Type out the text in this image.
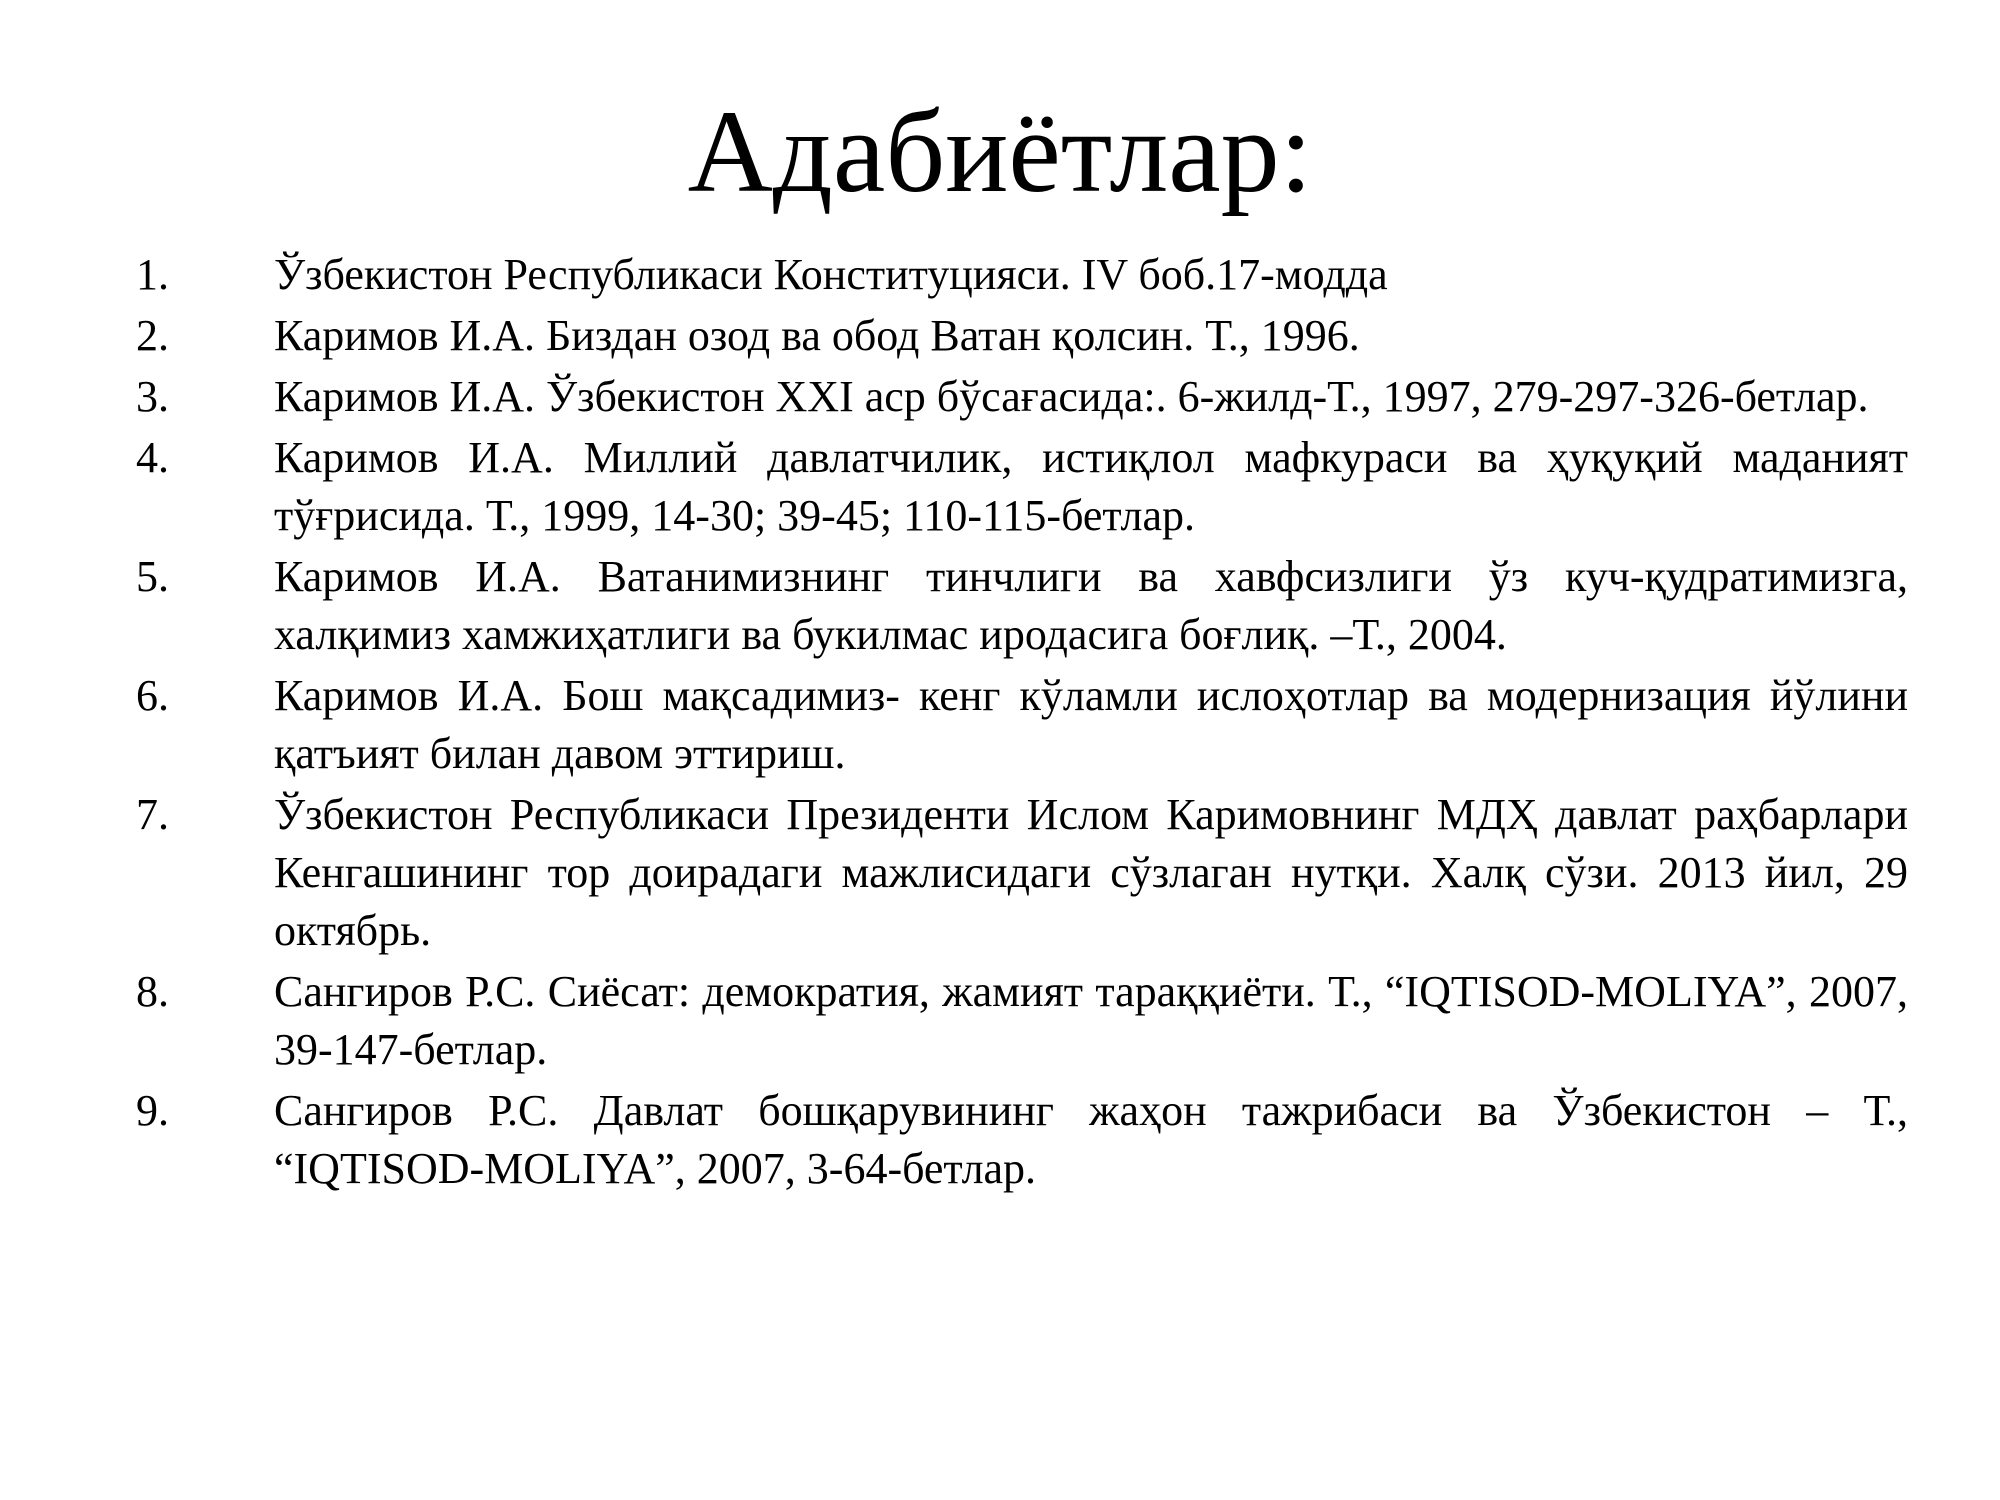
Адабиётлар:
1.	Ўзбекистон Республикаси Конституцияси. IV боб.17-модда
2.	Каримов И.А. Биздан озод ва обод Ватан қолсин. Т., 1996.
3.	Каримов И.А. Ўзбекистон XXI аср бўсағасида:. 6-жилд-Т., 1997, 279-297-326-бетлар.
4.	Каримов И.А. Миллий давлатчилик, истиқлол мафкураси ва ҳуқуқий маданият тўғрисида. Т., 1999, 14-30; 39-45; 110-115-бетлар.
5.	Каримов И.А. Ватанимизнинг тинчлиги ва хавфсизлиги ўз куч-қудратимизга, халқимиз хамжиҳатлиги ва букилмас иродасига боғлиқ. –Т., 2004.
6.	Каримов И.А. Бош мақсадимиз- кенг кўламли ислоҳотлар ва модернизация йўлини қатъият билан давом эттириш.
7.	Ўзбекистон Республикаси Президенти Ислом Каримовнинг МДҲ давлат раҳбарлари Кенгашининг тор доирадаги мажлисидаги сўзлаган нутқи. Халқ сўзи. 2013 йил, 29 октябрь.
8.	Сангиров Р.С. Сиёсат: демократия, жамият тараққиёти. Т., “IQTISOD-MOLIYA”, 2007, 39-147-бетлар.
9.	Сангиров Р.С. Давлат бошқарувининг жаҳон тажрибаси ва Ўзбекистон – Т., “IQTISOD-MOLIYA”, 2007, 3-64-бетлар.
